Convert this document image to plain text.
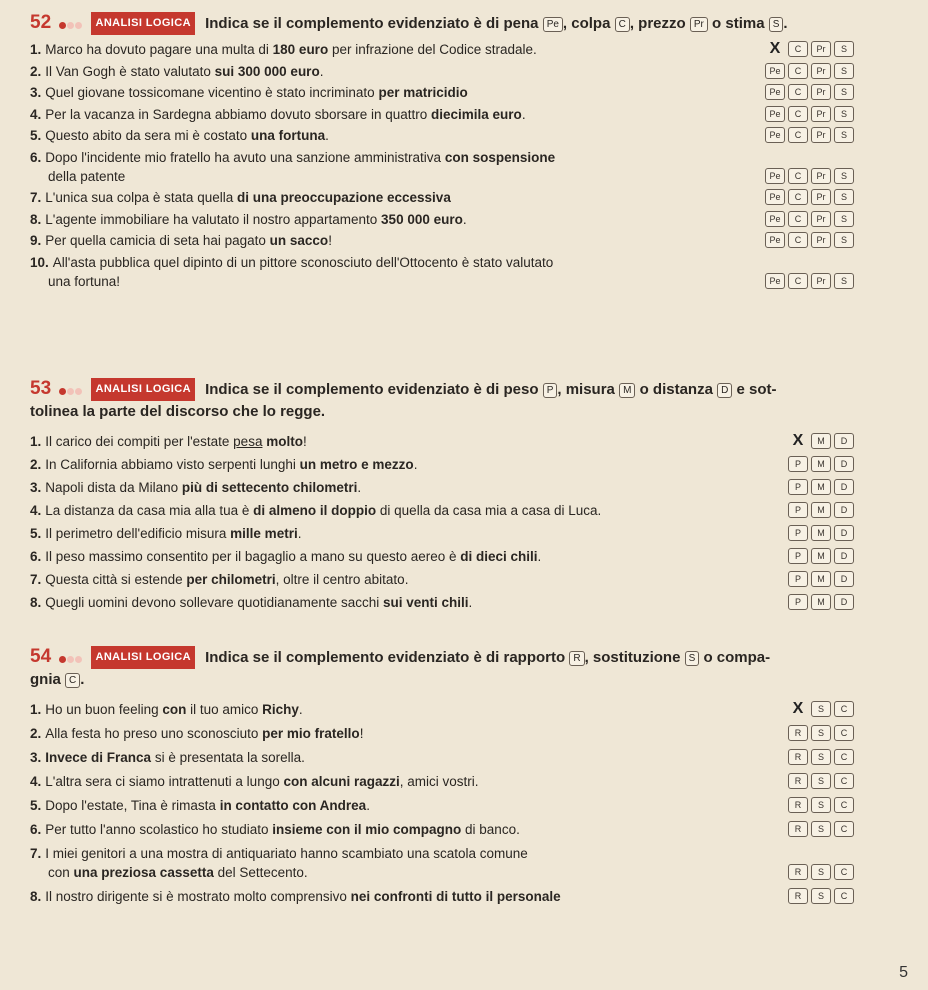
52	ANALISI LOGICA Indica se il complemento evidenziato è di pena Pe , colpa C , prezzo Pr o stima S .
1. Marco ha dovuto pagare una multa di 180 euro per infrazione del Codice stradale.	X	C	Pr	S
2. Il Van Gogh è stato valutato sui 300 000 euro.	Pe	C	Pr	S
3. Quel giovane tossicomane vicentino è stato incriminato per matricidio	Pe	C	Pr	S
4. Per la vacanza in Sardegna abbiamo dovuto sborsare in quattro diecimila euro.	Pe	C	Pr	S
5. Questo abito da sera mi è costato una fortuna.	Pe	C	Pr	S
6. Dopo l'incidente mio fratello ha avuto una sanzione amministrativa con sospensione
della patente	Pe	C	Pr	S
7. L'unica sua colpa è stata quella di una preoccupazione eccessiva	Pe	C	Pr	S
8. L'agente immobiliare ha valutato il nostro appartamento 350 000 euro.	Pe	C	Pr	S
9. Per quella camicia di seta hai pagato un sacco!	Pe	C	Pr	S
10. All'asta pubblica quel dipinto di un pittore sconosciuto dell'Ottocento è stato valutato
una fortuna!	Pe	C	Pr	S
53	ANALISI LOGICA Indica se il complemento evidenziato è di peso P , misura M o distanza D e sot-
tolinea la parte del discorso che lo regge.
1. Il carico dei compiti per l'estate pesa molto!	X	M	D
2. In California abbiamo visto serpenti lunghi un metro e mezzo.	P	M	D
3. Napoli dista da Milano più di settecento chilometri.	P	M	D
4. La distanza da casa mia alla tua è di almeno il doppio di quella da casa mia a casa di Luca.	P	M	D
5. Il perimetro dell'edificio misura mille metri.	P	M	D
6. Il peso massimo consentito per il bagaglio a mano su questo aereo è di dieci chili.	P	M	D
7. Questa città si estende per chilometri, oltre il centro abitato.	P	M	D
8. Quegli uomini devono sollevare quotidianamente sacchi sui venti chili.	P	M	D
54	ANALISI LOGICA Indica se il complemento evidenziato è di rapporto R , sostituzione S o compa-
gnia C .
1. Ho un buon feeling con il tuo amico Richy.	X	S	C
2. Alla festa ho preso uno sconosciuto per mio fratello!	R	S	C
3. Invece di Franca si è presentata la sorella.	R	S	C
4. L'altra sera ci siamo intrattenuti a lungo con alcuni ragazzi, amici vostri.	R	S	C
5. Dopo l'estate, Tina è rimasta in contatto con Andrea.	R	S	C
6. Per tutto l'anno scolastico ho studiato insieme con il mio compagno di banco.	R	S	C
7. I miei genitori a una mostra di antiquariato hanno scambiato una scatola comune
con una preziosa cassetta del Settecento.	R	S	C
8. Il nostro dirigente si è mostrato molto comprensivo nei confronti di tutto il personale	R	S	C
5
